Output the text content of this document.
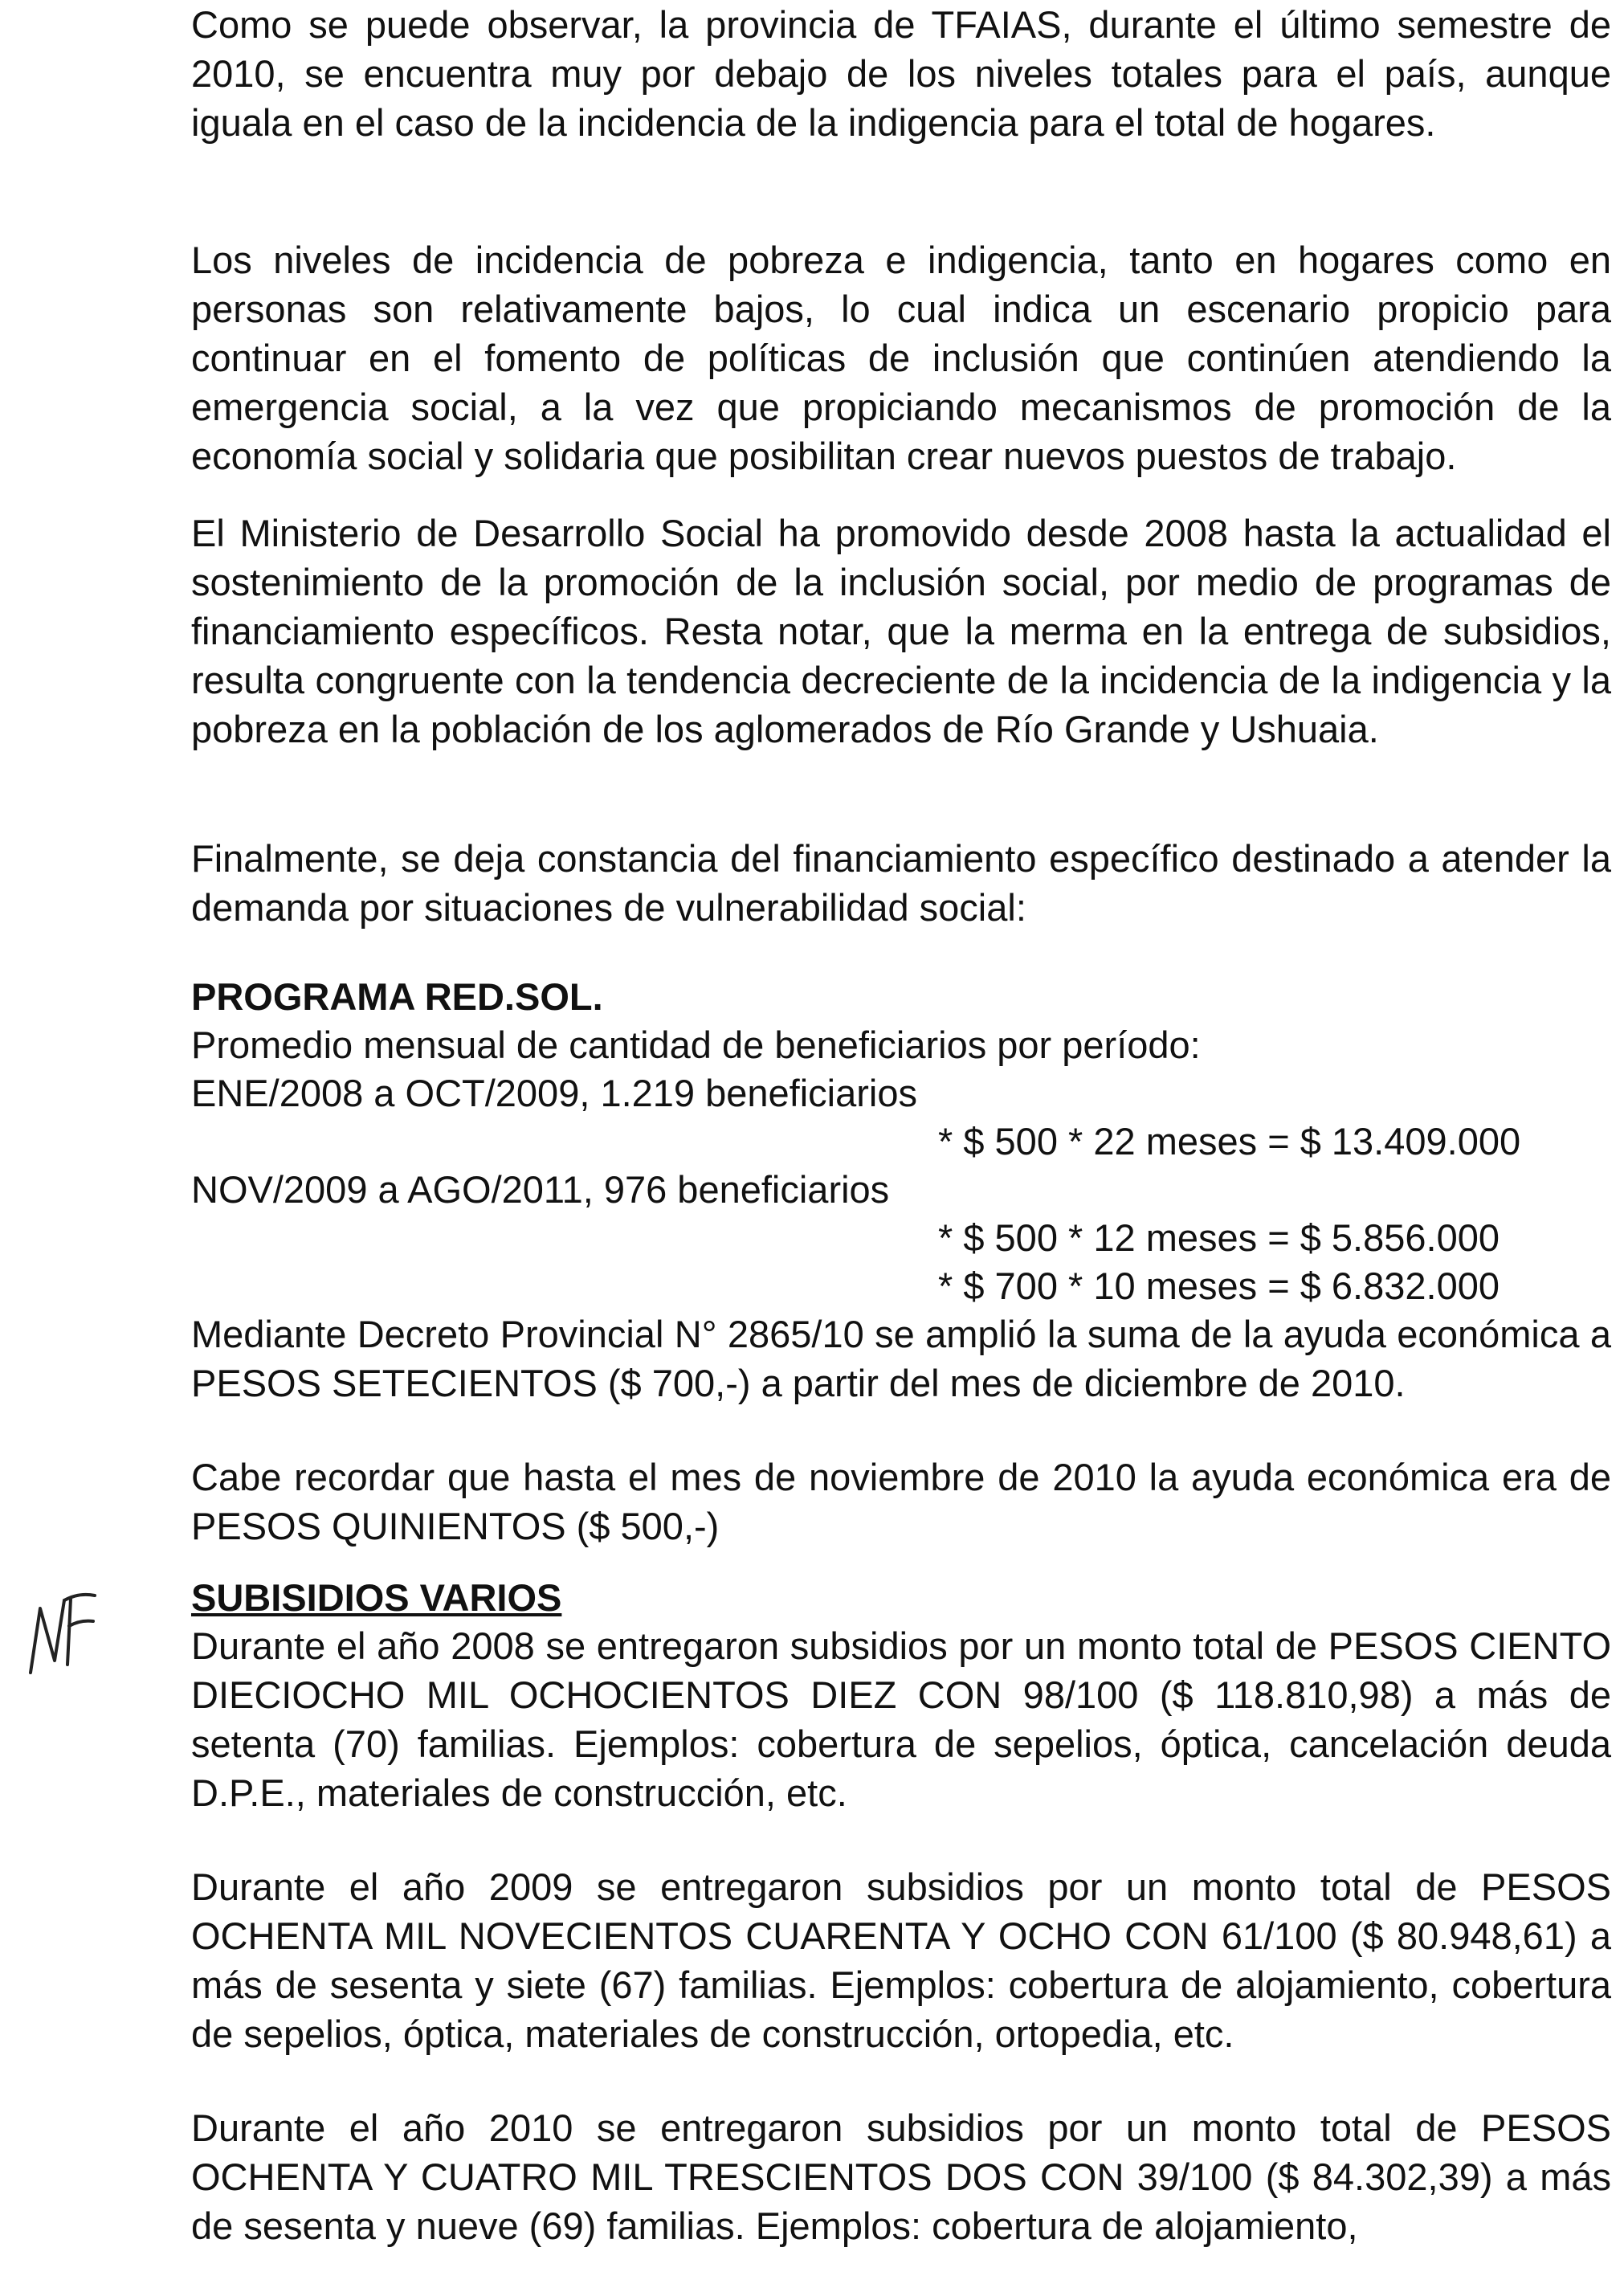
Como se puede observar, la provincia de TFAIAS, durante el último semestre de 2010, se encuentra muy por debajo de los niveles totales para el país, aunque iguala en el caso de la incidencia de la indigencia para el total de hogares.

Los niveles de incidencia de pobreza e indigencia, tanto en hogares como en personas son relativamente bajos, lo cual indica un escenario propicio para continuar en el fomento de políticas de inclusión que continúen atendiendo la emergencia social, a la vez que propiciando mecanismos de promoción de la economía social y solidaria que posibilitan crear nuevos puestos de trabajo.

El Ministerio de Desarrollo Social ha promovido desde 2008 hasta la actualidad el sostenimiento de la promoción de la inclusión social, por medio de programas de financiamiento específicos. Resta notar, que la merma en la entrega de subsidios, resulta congruente con la tendencia decreciente de la incidencia de la indigencia y la pobreza en la población de los aglomerados de Río Grande y Ushuaia.

Finalmente, se deja constancia del financiamiento específico destinado a atender la demanda por situaciones de vulnerabilidad social:

PROGRAMA RED.SOL.

Promedio mensual de cantidad de beneficiarios por período:

ENE/2008 a OCT/2009, 1.219 beneficiarios

* $ 500 * 22 meses = $ 13.409.000

NOV/2009 a AGO/2011, 976 beneficiarios

* $ 500 * 12 meses = $ 5.856.000

* $ 700 * 10 meses = $ 6.832.000

Mediante Decreto Provincial N° 2865/10 se amplió la suma de la ayuda económica a PESOS SETECIENTOS ($ 700,-) a partir del mes de diciembre de 2010.

Cabe recordar que hasta el mes de noviembre de 2010 la ayuda económica era de PESOS QUINIENTOS ($ 500,-)

SUBISIDIOS VARIOS

Durante el año 2008 se entregaron subsidios por un monto total de PESOS CIENTO DIECIOCHO MIL OCHOCIENTOS DIEZ CON 98/100 ($ 118.810,98) a más de setenta (70) familias. Ejemplos: cobertura de sepelios, óptica, cancelación deuda D.P.E., materiales de construcción, etc.

Durante el año 2009 se entregaron subsidios por un monto total de PESOS OCHENTA MIL NOVECIENTOS CUARENTA Y OCHO CON 61/100 ($ 80.948,61) a más de sesenta y siete (67) familias. Ejemplos: cobertura de alojamiento, cobertura de sepelios, óptica, materiales de construcción, ortopedia, etc.

Durante el año 2010 se entregaron subsidios por un monto total de PESOS OCHENTA Y CUATRO MIL TRESCIENTOS DOS CON 39/100 ($ 84.302,39) a más de sesenta y nueve (69) familias. Ejemplos: cobertura de alojamiento,
